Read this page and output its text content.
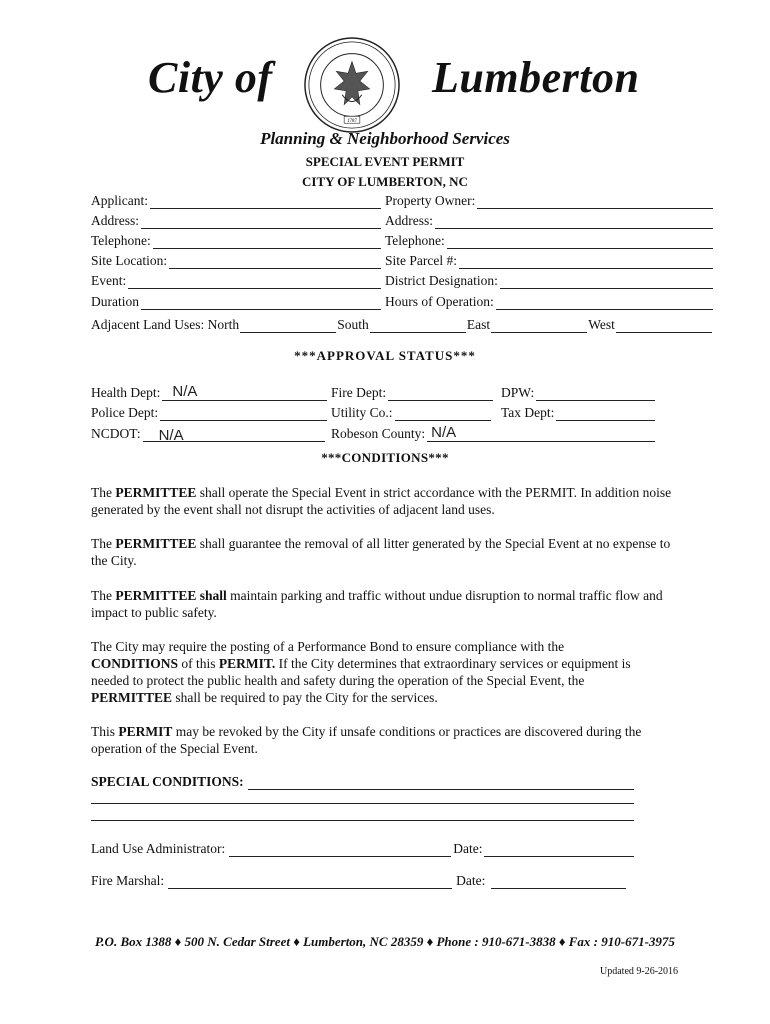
City of
1787
Lumberton
Planning & Neighborhood Services
SPECIAL EVENT PERMIT
CITY OF LUMBERTON, NC
Applicant:	Property Owner:
Address:	Address:
Telephone:	Telephone:
Site Location:	Site Parcel #:
Event:	District Designation:
Duration	Hours of Operation:
Adjacent Land Uses: North	South	East	West
***APPROVAL STATUS***
Health Dept: N/A	Fire Dept:	DPW:
Police Dept:	Utility Co.:	Tax Dept:
NCDOT: N/A	Robeson County: N/A
***CONDITIONS***
The PERMITTEE shall operate the Special Event in strict accordance with the PERMIT. In addition noise generated by the event shall not disrupt the activities of adjacent land uses.
The PERMITTEE shall guarantee the removal of all litter generated by the Special Event at no expense to the City.
The PERMITTEE shall maintain parking and traffic without undue disruption to normal traffic flow and impact to public safety.
The City may require the posting of a Performance Bond to ensure compliance with the CONDITIONS of this PERMIT. If the City determines that extraordinary services or equipment is needed to protect the public health and safety during the operation of the Special Event, the PERMITTEE shall be required to pay the City for the services.
This PERMIT may be revoked by the City if unsafe conditions or practices are discovered during the operation of the Special Event.
SPECIAL CONDITIONS:
Land Use Administrator:	Date:
Fire Marshal:	Date:
P.O. Box 1388 ♦ 500 N. Cedar Street ♦ Lumberton, NC 28359 ♦ Phone : 910-671-3838 ♦ Fax : 910-671-3975
Updated 9-26-2016
